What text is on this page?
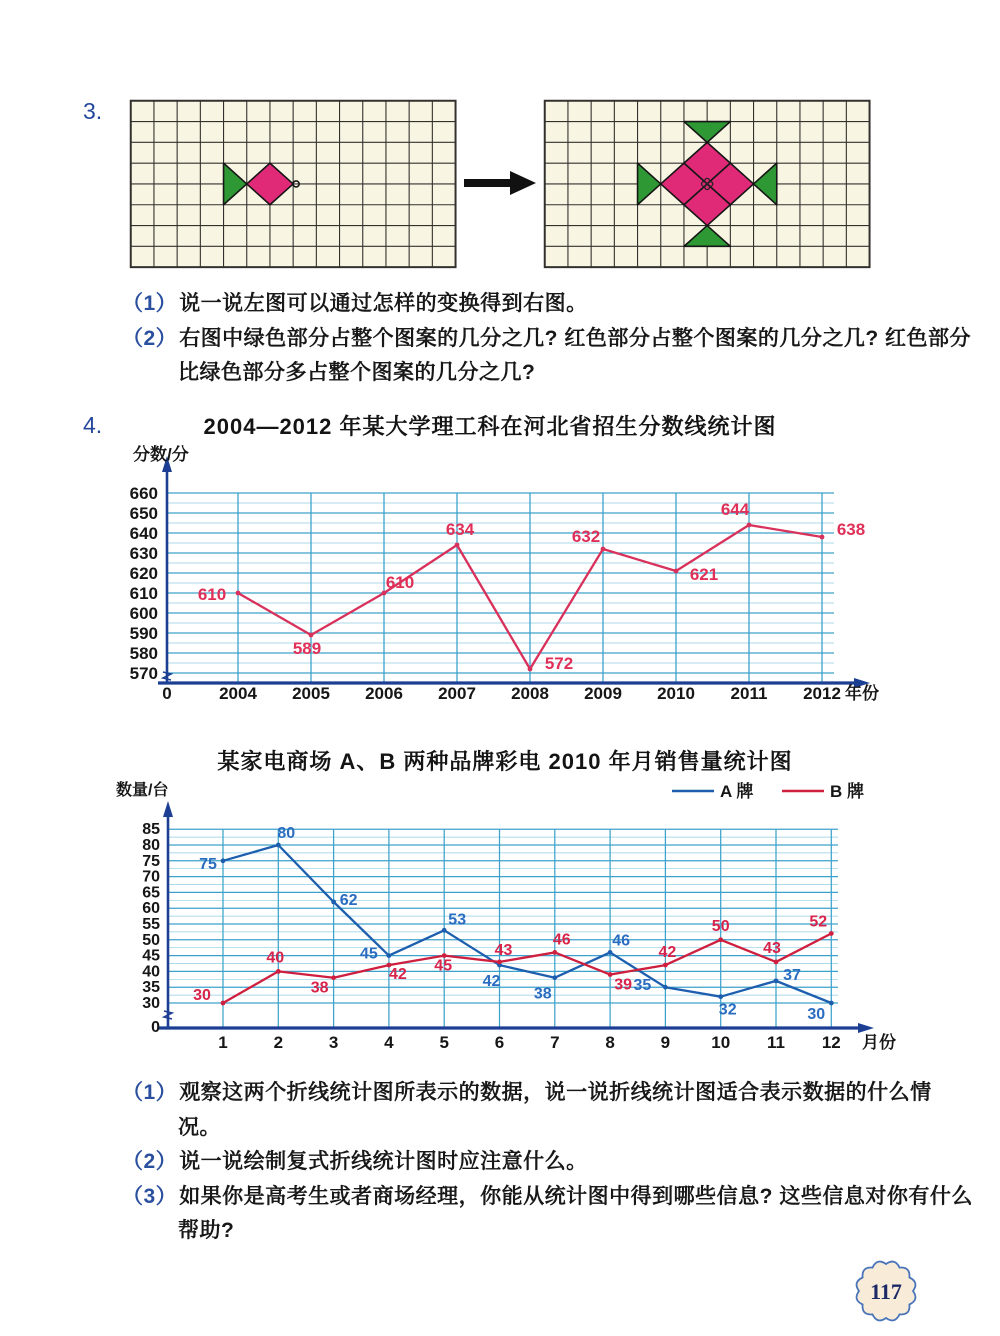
3.

（1）说一说左图可以通过怎样的变换得到右图。

（2）右图中绿色部分占整个图案的几分之几? 红色部分占整个图案的几分之几? 红色部分比绿色部分多占整个图案的几分之几?

4.	2004—2012 年某大学理工科在河北省招生分数线统计图
570
580
590
600
610
620
630
640
650
660
0	2004 2005 2006 2007 2008 2009 2010 2011 2012 年份
分数/分
610
589
610
634
572
632
621
644
638
某家电商场 A、B 两种品牌彩电 2010 年月销售量统计图
30
35
40
45
50
55
60
65
70
75
80
85
0
1	2	3	4	5	6	7	8	9 10 11 12 月份
数量/台	A 牌	B 牌
75
80
62
45
53
42
38
46
35
32
37
30
30
40
38
42 45
43
46
39
42
50
43
52

（1）观察这两个折线统计图所表示的数据，说一说折线统计图适合表示数据的什么情况。

（2）说一说绘制复式折线统计图时应注意什么。

（3）如果你是高考生或者商场经理，你能从统计图中得到哪些信息? 这些信息对你有什么帮助?

117
